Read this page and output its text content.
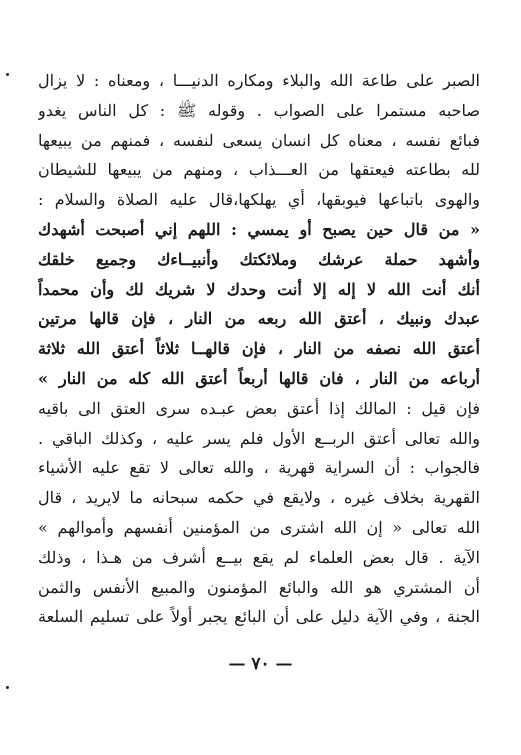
الصبر على طاعة الله والبلاء ومكاره الدنيـــا ، ومعناه : لا يزال
صاحبه مستمرا على الصواب . وقوله ﷺ : كل الناس يغدو
فبائع نفسه ، معناه كل انسان يسعى لنفسه ، فمنهم من يبيعها
لله بطاعته فيعتقها من العـــذاب ، ومنهم من يبيعها للشيطان
والهوى باتباعها فيوبقها، أي يهلكها،قال عليه الصلاة والسلام :
« من قال حين يصبح أو يمسي : اللهم إني أصبحت أشهدك
وأشهد حملة عرشك وملائكتك وأنبيــاءك وجميع خلقك
أنك أنت الله لا إله إلا أنت وحدك لا شريك لك وأن محمداً
عبدك ونبيك ، أعتق الله ربعه من النار ، فإن قالها مرتين
أعتق الله نصفه من النار ، فإن قالهــا ثلاثاً أعتق الله ثلاثة
أرباعه من النار ، فان قالها أربعاً أعتق الله كله من النار »
فإن قيل : المالك إذا أعتق بعض عبـده سرى العتق الى باقيه
والله تعالى أعتق الربــع الأول فلم يسر عليه ، وكذلك الباقي .
فالجواب : أن السراية قهرية ، والله تعالى لا تقع عليه الأشياء
القهرية بخلاف غيره ، ولايقع في حكمه سبحانه ما لايريد ، قال
الله تعالى « إن الله اشترى من المؤمنين أنفسهم وأموالهم »
الآية . قال بعض العلماء لم يقع بيــع أشرف من هـذا ، وذلك
أن المشتري هو الله والبائع المؤمنون والمبيع الأنفس والثمن
الجنة ، وفي الآية دليل على أن البائع يجبر أولاً على تسليم السلعة
— ٧٠ —
